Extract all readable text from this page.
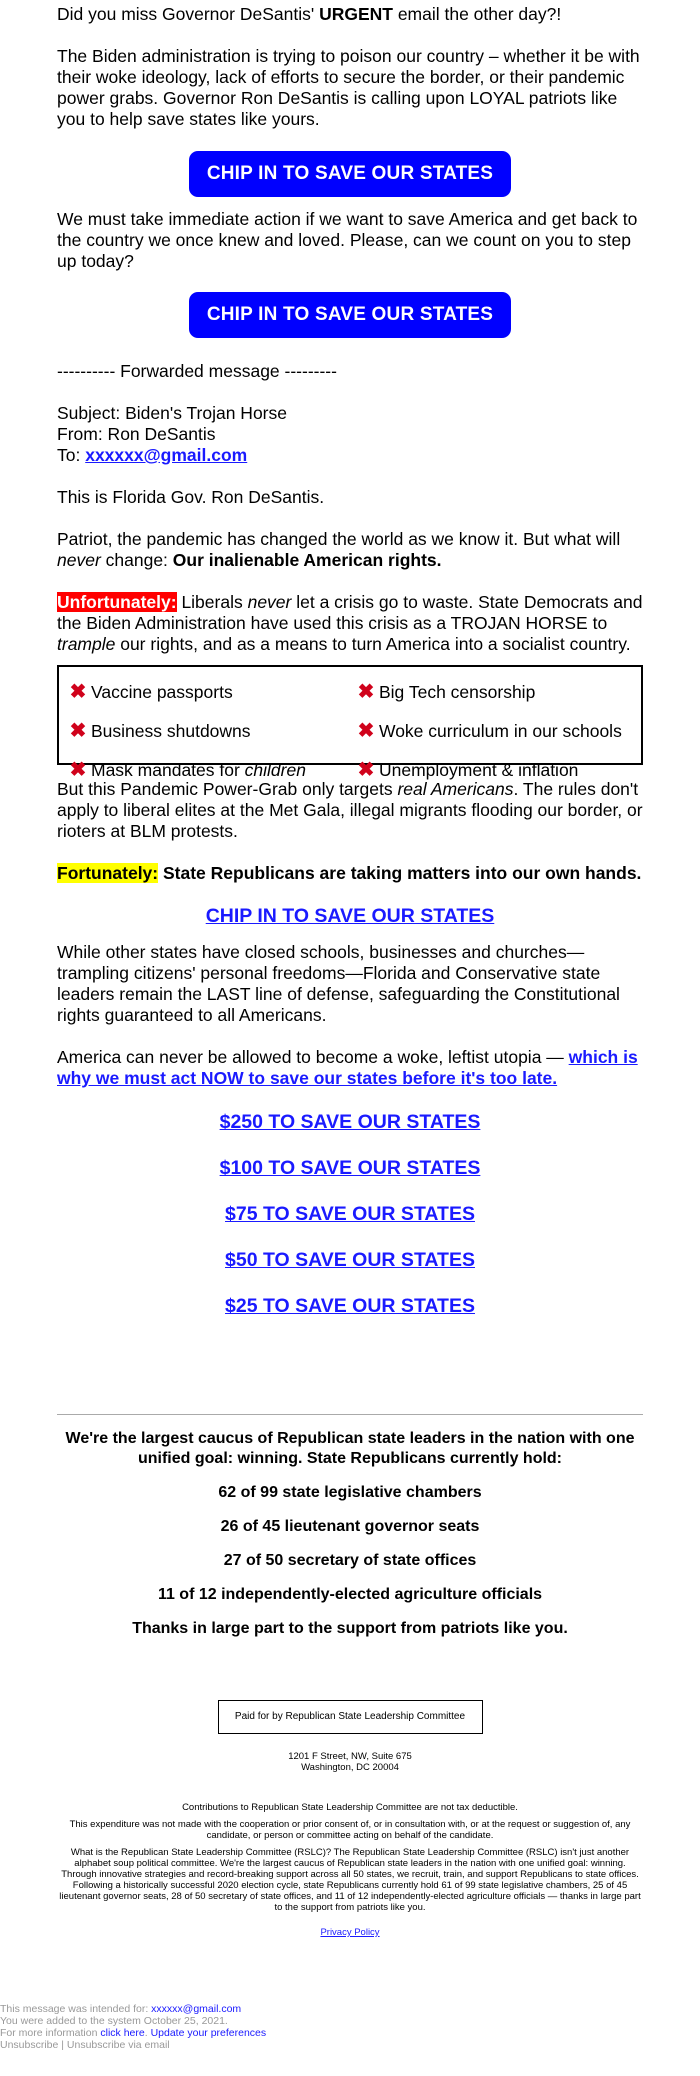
Did you miss Governor DeSantis' URGENT email the other day?!

The Biden administration is trying to poison our country – whether it be with their woke ideology, lack of efforts to secure the border, or their pandemic power grabs. Governor Ron DeSantis is calling upon LOYAL patriots like you to help save states like yours.

CHIP IN TO SAVE OUR STATES

We must take immediate action if we want to save America and get back to the country we once knew and loved. Please, can we count on you to step up today?

CHIP IN TO SAVE OUR STATES

---------- Forwarded message ---------

Subject: Biden's Trojan Horse

From: Ron DeSantis

To: xxxxxx@gmail.com

This is Florida Gov. Ron DeSantis.

Patriot, the pandemic has changed the world as we know it. But what will never change: Our inalienable American rights.

Unfortunately: Liberals never let a crisis go to waste. State Democrats and the Biden Administration have used this crisis as a TROJAN HORSE to trample our rights, and as a means to turn America into a socialist country.

✖ Vaccine passports	✖ Big Tech censorship
✖ Business shutdowns	✖ Woke curriculum in our schools
✖ Mask mandates for children	✖ Unemployment & inflation

But this Pandemic Power-Grab only targets real Americans. The rules don't apply to liberal elites at the Met Gala, illegal migrants flooding our border, or rioters at BLM protests.

Fortunately: State Republicans are taking matters into our own hands.

CHIP IN TO SAVE OUR STATES

While other states have closed schools, businesses and churches—trampling citizens' personal freedoms—Florida and Conservative state leaders remain the LAST line of defense, safeguarding the Constitutional rights guaranteed to all Americans.

America can never be allowed to become a woke, leftist utopia — which is why we must act NOW to save our states before it's too late.

$250 TO SAVE OUR STATES
$100 TO SAVE OUR STATES
$75 TO SAVE OUR STATES
$50 TO SAVE OUR STATES
$25 TO SAVE OUR STATES

We're the largest caucus of Republican state leaders in the nation with one unified goal: winning. State Republicans currently hold:

62 of 99 state legislative chambers

26 of 45 lieutenant governor seats

27 of 50 secretary of state offices

11 of 12 independently-elected agriculture officials

Thanks in large part to the support from patriots like you.

Paid for by Republican State Leadership Committee

1201 F Street, NW, Suite 675

Washington, DC 20004

Contributions to Republican State Leadership Committee are not tax deductible.

This expenditure was not made with the cooperation or prior consent of, or in consultation with, or at the request or suggestion of, any candidate, or person or committee acting on behalf of the candidate.

What is the Republican State Leadership Committee (RSLC)? The Republican State Leadership Committee (RSLC) isn't just another alphabet soup political committee. We're the largest caucus of Republican state leaders in the nation with one unified goal: winning. Through innovative strategies and record-breaking support across all 50 states, we recruit, train, and support Republicans to state offices. Following a historically successful 2020 election cycle, state Republicans currently hold 61 of 99 state legislative chambers, 25 of 45 lieutenant governor seats, 28 of 50 secretary of state offices, and 11 of 12 independently-elected agriculture officials — thanks in large part to the support from patriots like you.

Privacy Policy

This message was intended for: xxxxxx@gmail.com
You were added to the system October 25, 2021.
For more information click here. Update your preferences
Unsubscribe | Unsubscribe via email
